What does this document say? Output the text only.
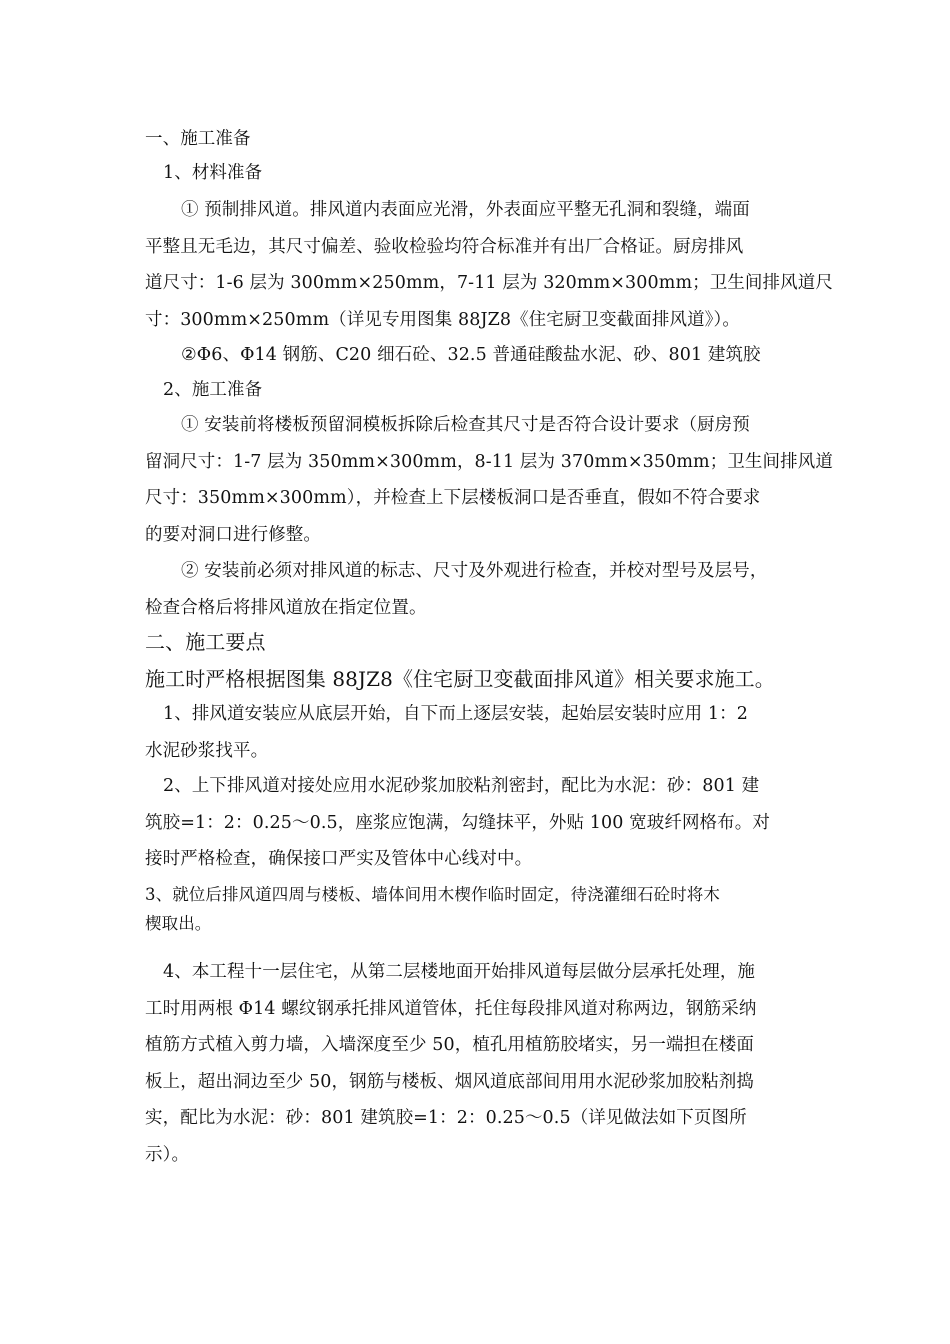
一、施工准备
1、材料准备
① 预制排风道。排风道内表面应光滑，外表面应平整无孔洞和裂缝，端面
平整且无毛边，其尺寸偏差、验收检验均符合标准并有出厂合格证。厨房排风
道尺寸：1-6 层为 300mm×250mm，7-11 层为 320mm×300mm；卫生间排风道尺
寸：300mm×250mm（详见专用图集 88JZ8《住宅厨卫变截面排风道》）。
②Φ6、Φ14 钢筋、C20 细石砼、32.5 普通硅酸盐水泥、砂、801 建筑胶
2、施工准备
① 安装前将楼板预留洞模板拆除后检查其尺寸是否符合设计要求（厨房预
留洞尺寸：1-7 层为 350mm×300mm，8-11 层为 370mm×350mm；卫生间排风道
尺寸：350mm×300mm），并检查上下层楼板洞口是否垂直，假如不符合要求
的要对洞口进行修整。
② 安装前必须对排风道的标志、尺寸及外观进行检查，并校对型号及层号，
检查合格后将排风道放在指定位置。
二、施工要点
施工时严格根据图集 88JZ8《住宅厨卫变截面排风道》相关要求施工。
1、排风道安装应从底层开始，自下而上逐层安装，起始层安装时应用 1：2
水泥砂浆找平。
2、上下排风道对接处应用水泥砂浆加胶粘剂密封，配比为水泥：砂：801 建
筑胶=1：2：0.25～0.5，座浆应饱满，勾缝抹平，外贴 100 宽玻纤网格布。对
接时严格检查，确保接口严实及管体中心线对中。
3、就位后排风道四周与楼板、墙体间用木楔作临时固定，待浇灌细石砼时将木
楔取出。
4、本工程十一层住宅，从第二层楼地面开始排风道每层做分层承托处理，施
工时用两根 Φ14 螺纹钢承托排风道管体，托住每段排风道对称两边，钢筋采纳
植筋方式植入剪力墙，入墙深度至少 50，植孔用植筋胶堵实，另一端担在楼面
板上，超出洞边至少 50，钢筋与楼板、烟风道底部间用用水泥砂浆加胶粘剂捣
实，配比为水泥：砂：801 建筑胶=1：2：0.25～0.5（详见做法如下页图所
示）。
